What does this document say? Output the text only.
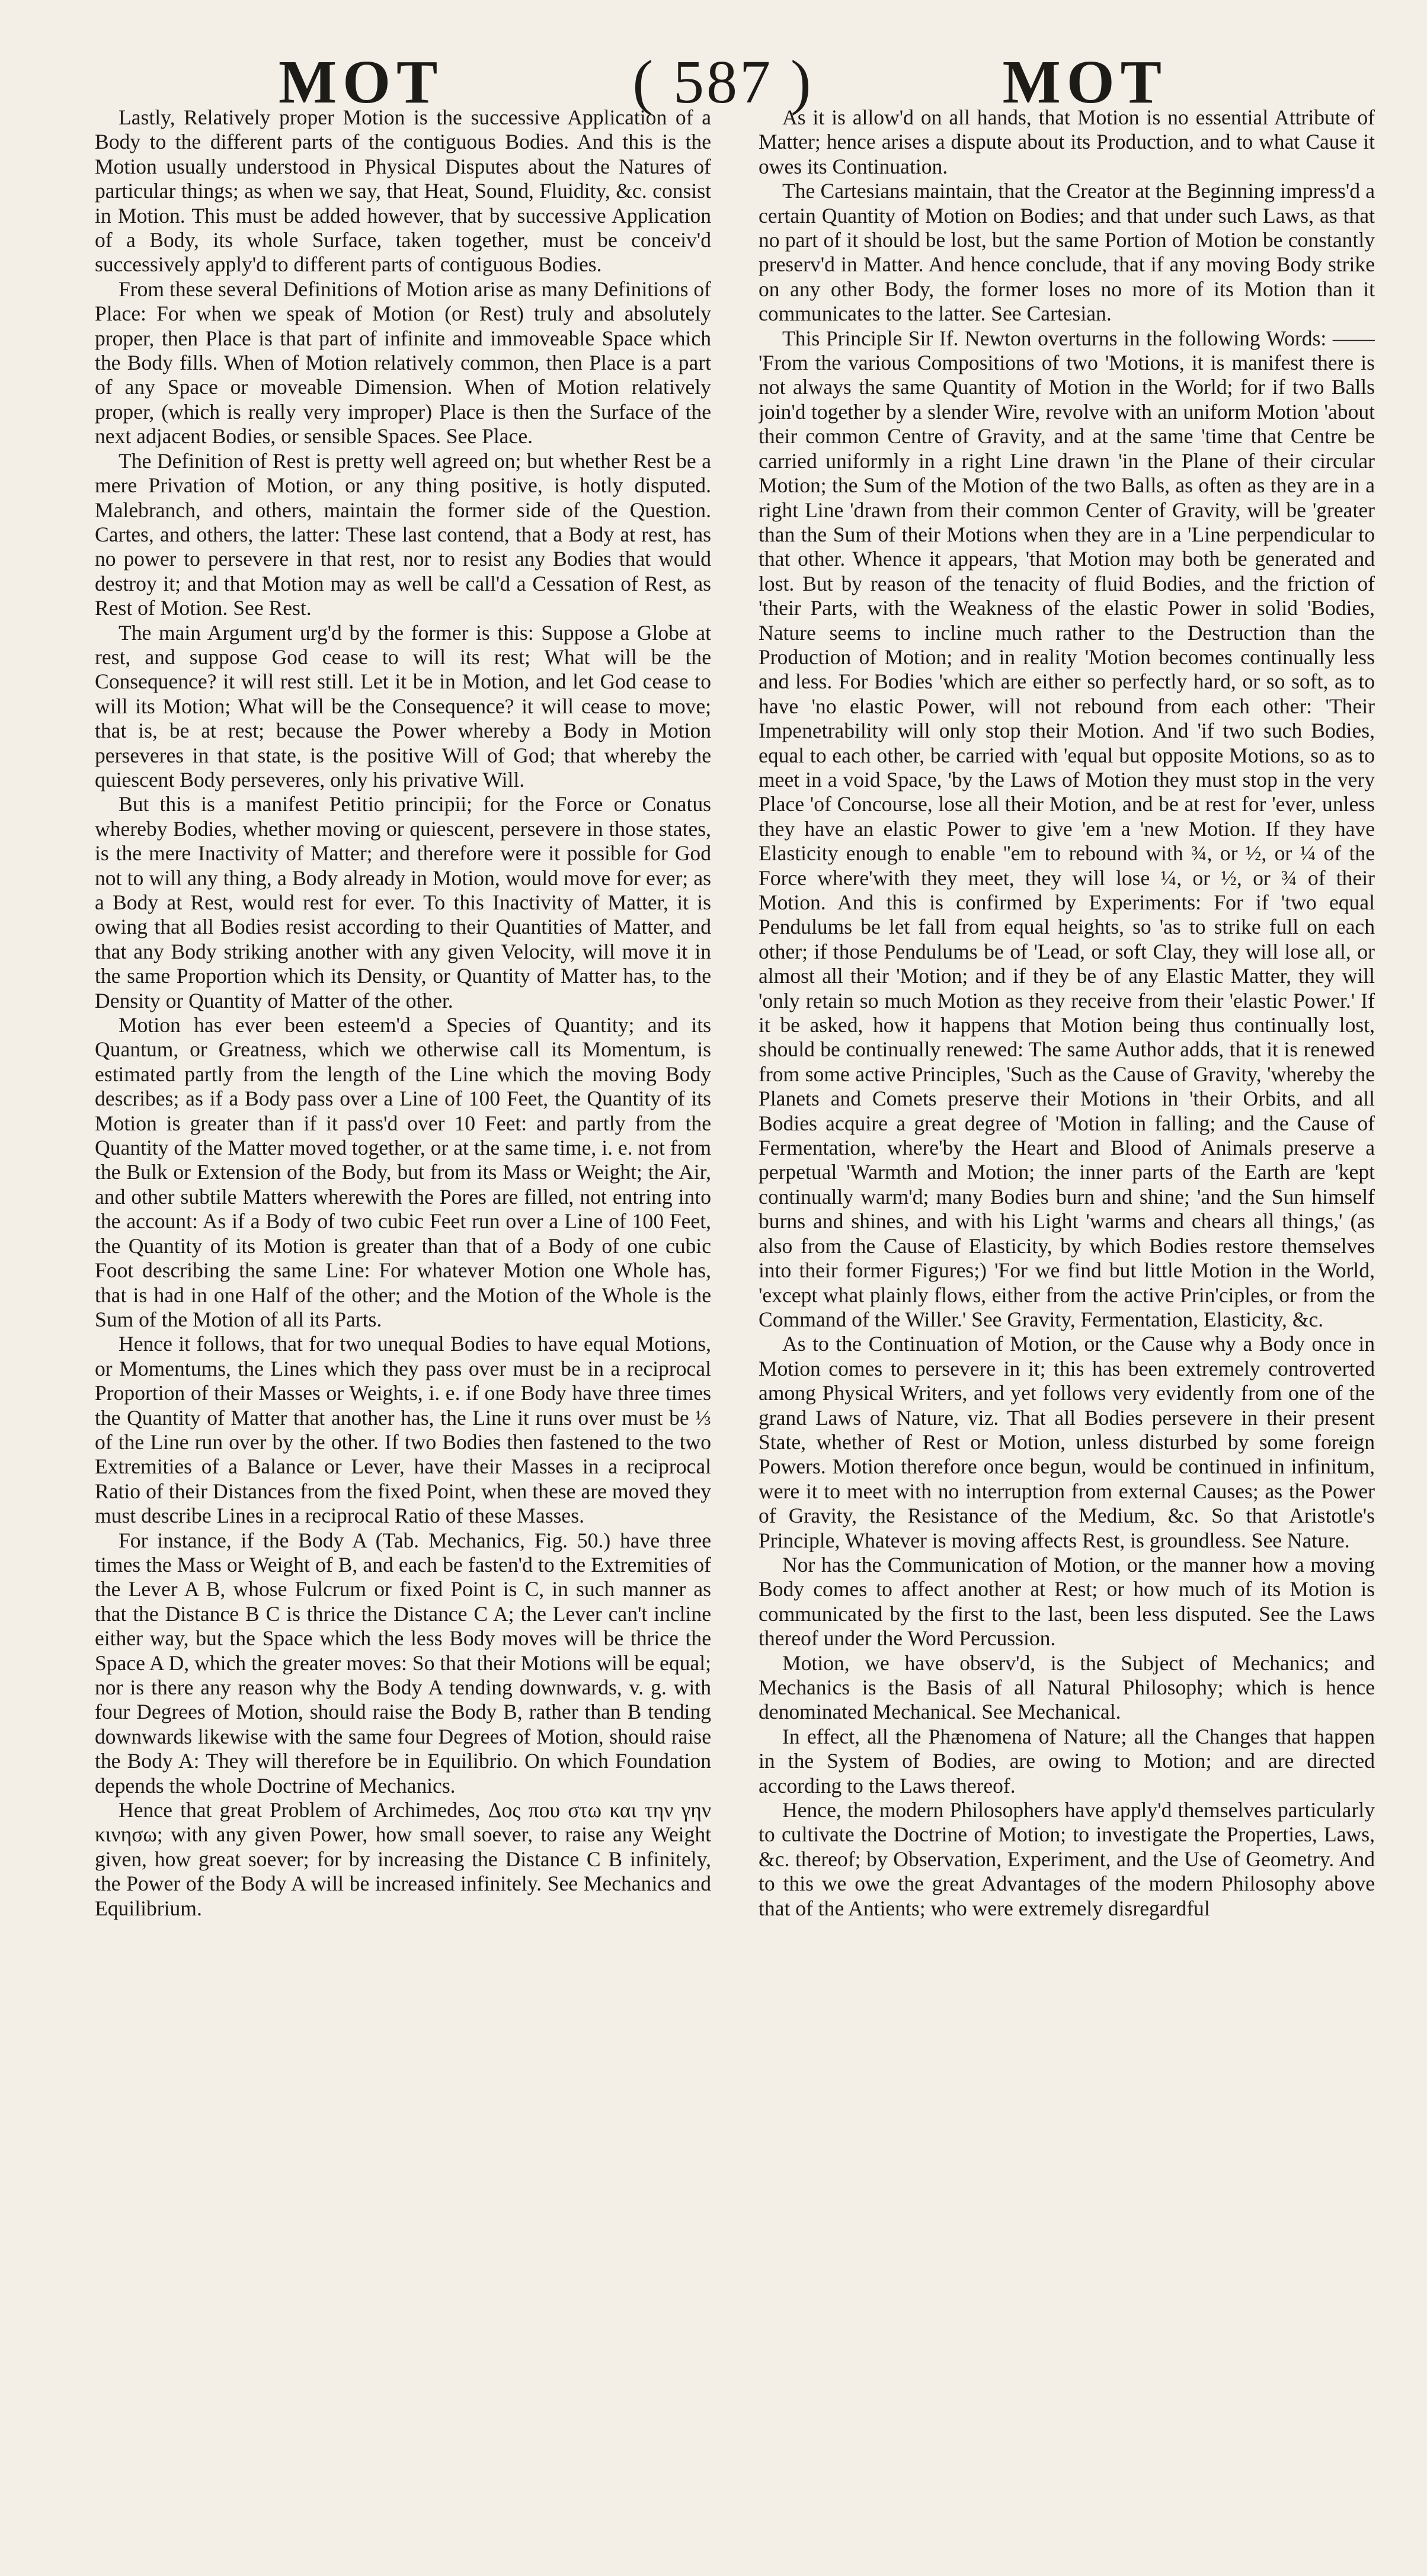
MOT	( 587 )	MOT

Lastly, Relatively proper Motion is the successive Application of a Body to the different parts of the contiguous Bodies. And this is the Motion usually understood in Physical Disputes about the Natures of particular things; as when we say, that Heat, Sound, Fluidity, &c. consist in Motion. This must be added however, that by successive Application of a Body, its whole Surface, taken together, must be conceiv'd successively apply'd to different parts of contiguous Bodies.

From these several Definitions of Motion arise as many Definitions of Place: For when we speak of Motion (or Rest) truly and absolutely proper, then Place is that part of infinite and immoveable Space which the Body fills. When of Motion relatively common, then Place is a part of any Space or moveable Dimension. When of Motion relatively proper, (which is really very improper) Place is then the Surface of the next adjacent Bodies, or sensible Spaces. See Place.

The Definition of Rest is pretty well agreed on; but whether Rest be a mere Privation of Motion, or any thing positive, is hotly disputed. Malebranch, and others, maintain the former side of the Question. Cartes, and others, the latter: These last contend, that a Body at rest, has no power to persevere in that rest, nor to resist any Bodies that would destroy it; and that Motion may as well be call'd a Cessation of Rest, as Rest of Motion. See Rest.

The main Argument urg'd by the former is this: Suppose a Globe at rest, and suppose God cease to will its rest; What will be the Consequence? it will rest still. Let it be in Motion, and let God cease to will its Motion; What will be the Consequence? it will cease to move; that is, be at rest; because the Power whereby a Body in Motion perseveres in that state, is the positive Will of God; that whereby the quiescent Body perseveres, only his privative Will.

But this is a manifest Petitio principii; for the Force or Conatus whereby Bodies, whether moving or quiescent, persevere in those states, is the mere Inactivity of Matter; and therefore were it possible for God not to will any thing, a Body already in Motion, would move for ever; as a Body at Rest, would rest for ever. To this Inactivity of Matter, it is owing that all Bodies resist according to their Quantities of Matter, and that any Body striking another with any given Velocity, will move it in the same Proportion which its Density, or Quantity of Matter has, to the Density or Quantity of Matter of the other.

Motion has ever been esteem'd a Species of Quantity; and its Quantum, or Greatness, which we otherwise call its Momentum, is estimated partly from the length of the Line which the moving Body describes; as if a Body pass over a Line of 100 Feet, the Quantity of its Motion is greater than if it pass'd over 10 Feet: and partly from the Quantity of the Matter moved together, or at the same time, i. e. not from the Bulk or Extension of the Body, but from its Mass or Weight; the Air, and other subtile Matters wherewith the Pores are filled, not entring into the account: As if a Body of two cubic Feet run over a Line of 100 Feet, the Quantity of its Motion is greater than that of a Body of one cubic Foot describing the same Line: For whatever Motion one Whole has, that is had in one Half of the other; and the Motion of the Whole is the Sum of the Motion of all its Parts.

Hence it follows, that for two unequal Bodies to have equal Motions, or Momentums, the Lines which they pass over must be in a reciprocal Proportion of their Masses or Weights, i. e. if one Body have three times the Quantity of Matter that another has, the Line it runs over must be ⅓ of the Line run over by the other. If two Bodies then fastened to the two Extremities of a Balance or Lever, have their Masses in a reciprocal Ratio of their Distances from the fixed Point, when these are moved they must describe Lines in a reciprocal Ratio of these Masses.

For instance, if the Body A (Tab. Mechanics, Fig. 50.) have three times the Mass or Weight of B, and each be fasten'd to the Extremities of the Lever A B, whose Fulcrum or fixed Point is C, in such manner as that the Distance B C is thrice the Distance C A; the Lever can't incline either way, but the Space which the less Body moves will be thrice the Space A D, which the greater moves: So that their Motions will be equal; nor is there any reason why the Body A tending downwards, v. g. with four Degrees of Motion, should raise the Body B, rather than B tending downwards likewise with the same four Degrees of Motion, should raise the Body A: They will therefore be in Equilibrio. On which Foundation depends the whole Doctrine of Mechanics.

Hence that great Problem of Archimedes, Δος που στω και την γην κινησω; with any given Power, how small soever, to raise any Weight given, how great soever; for by increasing the Distance C B infinitely, the Power of the Body A will be increased infinitely. See Mechanics and Equilibrium.

As it is allow'd on all hands, that Motion is no essential Attribute of Matter; hence arises a dispute about its Production, and to what Cause it owes its Continuation.

The Cartesians maintain, that the Creator at the Beginning impress'd a certain Quantity of Motion on Bodies; and that under such Laws, as that no part of it should be lost, but the same Portion of Motion be constantly preserv'd in Matter. And hence conclude, that if any moving Body strike on any other Body, the former loses no more of its Motion than it communicates to the latter. See Cartesian.

This Principle Sir If. Newton overturns in the following Words: —— 'From the various Compositions of two 'Motions, it is manifest there is not always the same Quantity of Motion in the World; for if two Balls join'd together by a slender Wire, revolve with an uniform Motion 'about their common Centre of Gravity, and at the same 'time that Centre be carried uniformly in a right Line drawn 'in the Plane of their circular Motion; the Sum of the Motion of the two Balls, as often as they are in a right Line 'drawn from their common Center of Gravity, will be 'greater than the Sum of their Motions when they are in a 'Line perpendicular to that other. Whence it appears, 'that Motion may both be generated and lost. But by reason of the tenacity of fluid Bodies, and the friction of 'their Parts, with the Weakness of the elastic Power in solid 'Bodies, Nature seems to incline much rather to the Destruction than the Production of Motion; and in reality 'Motion becomes continually less and less. For Bodies 'which are either so perfectly hard, or so soft, as to have 'no elastic Power, will not rebound from each other: 'Their Impenetrability will only stop their Motion. And 'if two such Bodies, equal to each other, be carried with 'equal but opposite Motions, so as to meet in a void Space, 'by the Laws of Motion they must stop in the very Place 'of Concourse, lose all their Motion, and be at rest for 'ever, unless they have an elastic Power to give 'em a 'new Motion. If they have Elasticity enough to enable ''em to rebound with ¾, or ½, or ¼ of the Force where'with they meet, they will lose ¼, or ½, or ¾ of their Motion. And this is confirmed by Experiments: For if 'two equal Pendulums be let fall from equal heights, so 'as to strike full on each other; if those Pendulums be of 'Lead, or soft Clay, they will lose all, or almost all their 'Motion; and if they be of any Elastic Matter, they will 'only retain so much Motion as they receive from their 'elastic Power.' If it be asked, how it happens that Motion being thus continually lost, should be continually renewed: The same Author adds, that it is renewed from some active Principles, 'Such as the Cause of Gravity, 'whereby the Planets and Comets preserve their Motions in 'their Orbits, and all Bodies acquire a great degree of 'Motion in falling; and the Cause of Fermentation, where'by the Heart and Blood of Animals preserve a perpetual 'Warmth and Motion; the inner parts of the Earth are 'kept continually warm'd; many Bodies burn and shine; 'and the Sun himself burns and shines, and with his Light 'warms and chears all things,' (as also from the Cause of Elasticity, by which Bodies restore themselves into their former Figures;) 'For we find but little Motion in the World, 'except what plainly flows, either from the active Prin'ciples, or from the Command of the Willer.' See Gravity, Fermentation, Elasticity, &c.

As to the Continuation of Motion, or the Cause why a Body once in Motion comes to persevere in it; this has been extremely controverted among Physical Writers, and yet follows very evidently from one of the grand Laws of Nature, viz. That all Bodies persevere in their present State, whether of Rest or Motion, unless disturbed by some foreign Powers. Motion therefore once begun, would be continued in infinitum, were it to meet with no interruption from external Causes; as the Power of Gravity, the Resistance of the Medium, &c. So that Aristotle's Principle, Whatever is moving affects Rest, is groundless. See Nature.

Nor has the Communication of Motion, or the manner how a moving Body comes to affect another at Rest; or how much of its Motion is communicated by the first to the last, been less disputed. See the Laws thereof under the Word Percussion.

Motion, we have observ'd, is the Subject of Mechanics; and Mechanics is the Basis of all Natural Philosophy; which is hence denominated Mechanical. See Mechanical.

In effect, all the Phænomena of Nature; all the Changes that happen in the System of Bodies, are owing to Motion; and are directed according to the Laws thereof.

Hence, the modern Philosophers have apply'd themselves particularly to cultivate the Doctrine of Motion; to investigate the Properties, Laws, &c. thereof; by Observation, Experiment, and the Use of Geometry. And to this we owe the great Advantages of the modern Philosophy above that of the Antients; who were extremely disregardful
